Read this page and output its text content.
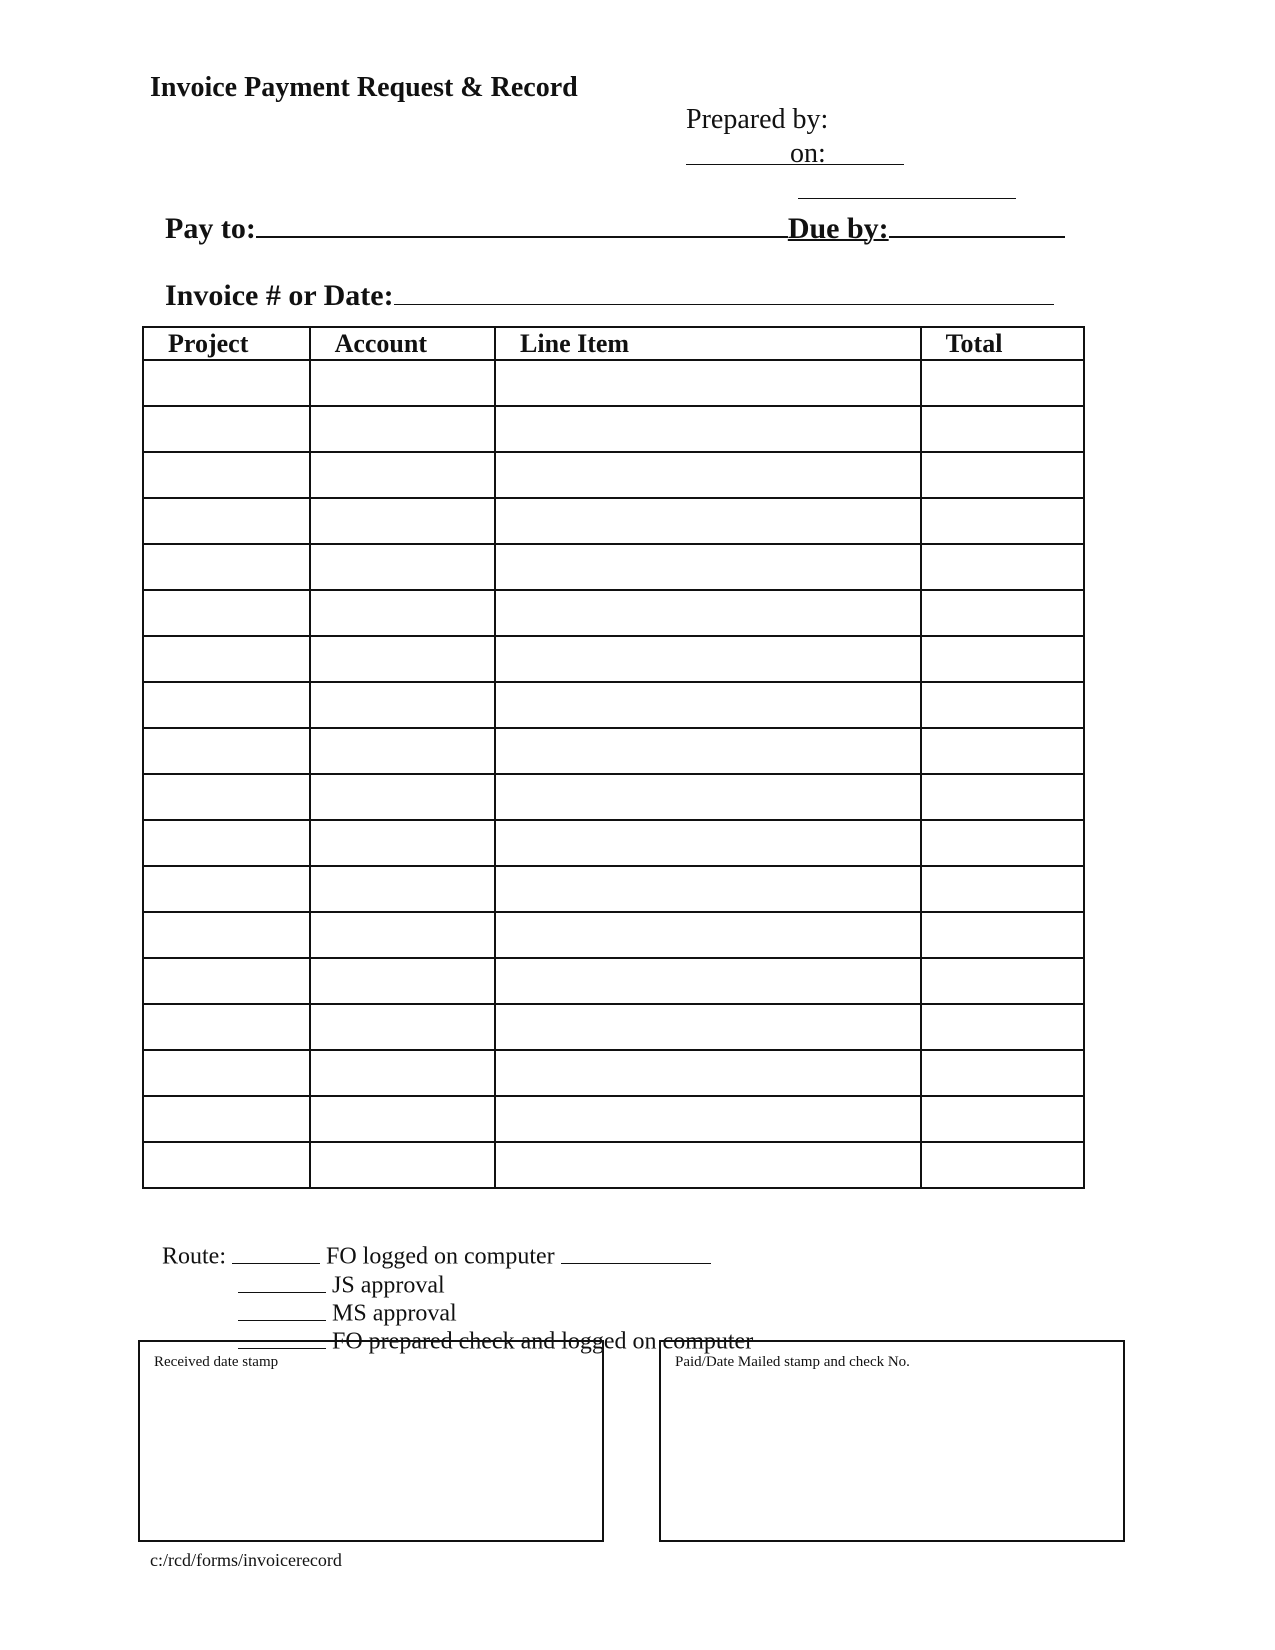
Invoice Payment Request & Record

Prepared by:

on:

Pay to:	Due by:

Invoice # or Date:

Project	Account	Line Item	Total

Route:	FO logged on computer

JS approval

MS approval

FO prepared check and logged on computer

Received date stamp	Paid/Date Mailed stamp and check No.
c:/rcd/forms/invoicerecord
